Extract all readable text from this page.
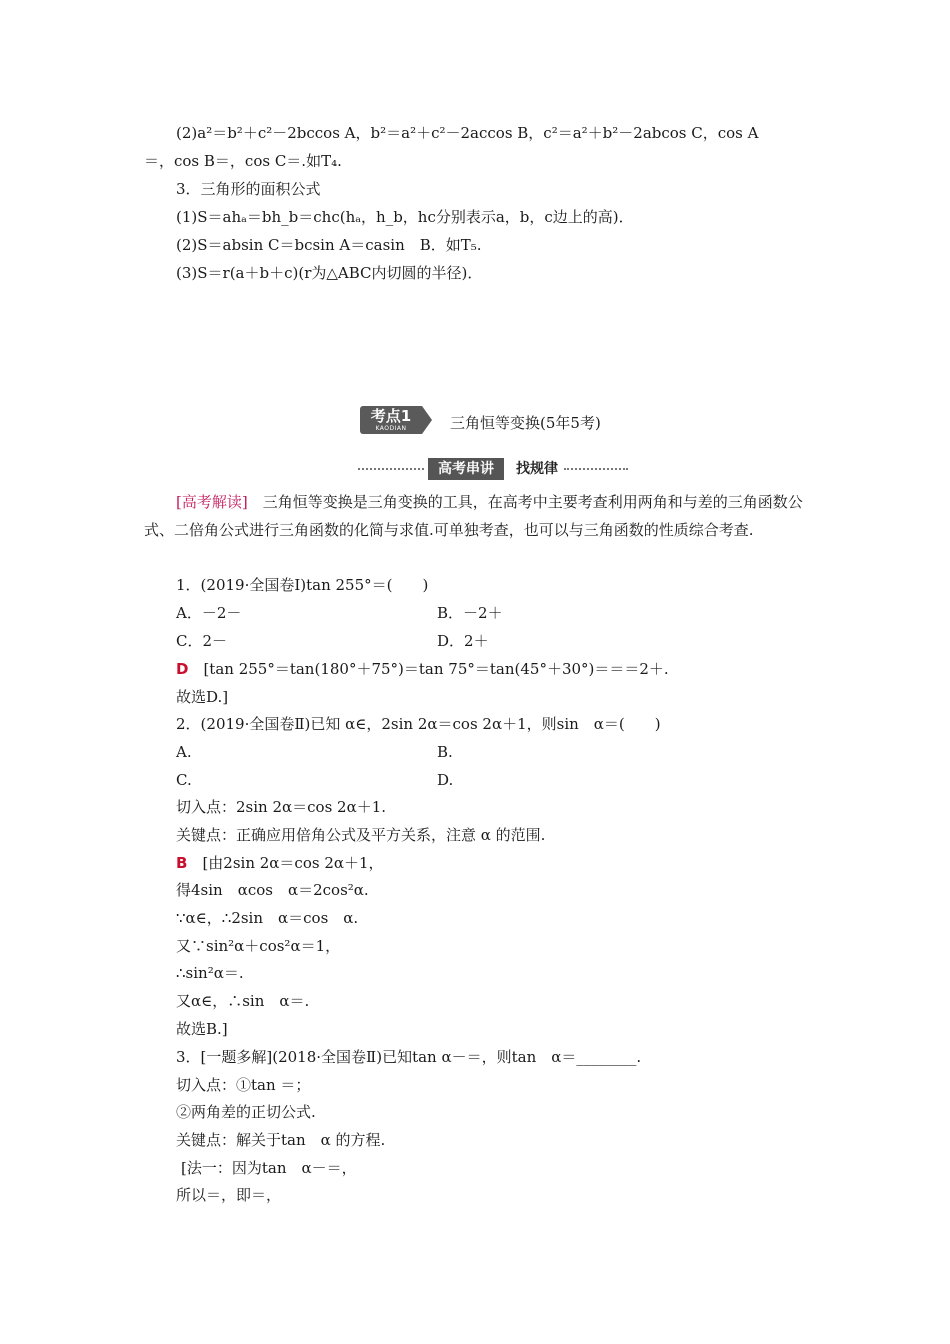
(2)a²＝b²＋c²－2bccos A，b²＝a²＋c²－2accos B，c²＝a²＋b²－2abcos C，cos A
＝，cos B＝，cos C＝.如T₄.
3．三角形的面积公式
(1)S＝ahₐ＝bh_b＝chc(hₐ，h_b，hc分别表示a，b，c边上的高)．
(2)S＝absin C＝bcsin A＝casin　B．如T₅.
(3)S＝r(a＋b＋c)(r为△ABC内切圆的半径)．
考点1
KAODIAN	三角恒等变换(5年5考)
高考串讲	找规律
[高考解读]　三角恒等变换是三角变换的工具，在高考中主要考查利用两角和与差的三角函数公式、二倍角公式进行三角函数的化简与求值.可单独考查，也可以与三角函数的性质综合考查.
1．(2019·全国卷Ⅰ)tan 255°＝(　　)
A．－2－	B．－2＋
C．2－	D．2＋
D　[tan 255°＝tan(180°＋75°)＝tan 75°＝tan(45°＋30°)＝＝＝2＋.
故选D.]
2．(2019·全国卷Ⅱ)已知 α∈，2sin 2α＝cos 2α＋1，则sin　α＝(　　)
A.	B.
C.	D.
切入点：2sin 2α＝cos 2α＋1.
关键点：正确应用倍角公式及平方关系，注意 α 的范围.
B　[由2sin 2α＝cos 2α＋1，
得4sin　αcos　α＝2cos²α.
∵α∈，∴2sin　α＝cos　α.
又∵sin²α＋cos²α＝1，
∴sin²α＝.
又α∈，∴sin　α＝.
故选B.]
3．[一题多解](2018·全国卷Ⅱ)已知tan α－＝，则tan　α＝________.
切入点：①tan ＝；
②两角差的正切公式.
关键点：解关于tan　α 的方程.
[法一：因为tan　α－＝，
所以＝，即＝，
